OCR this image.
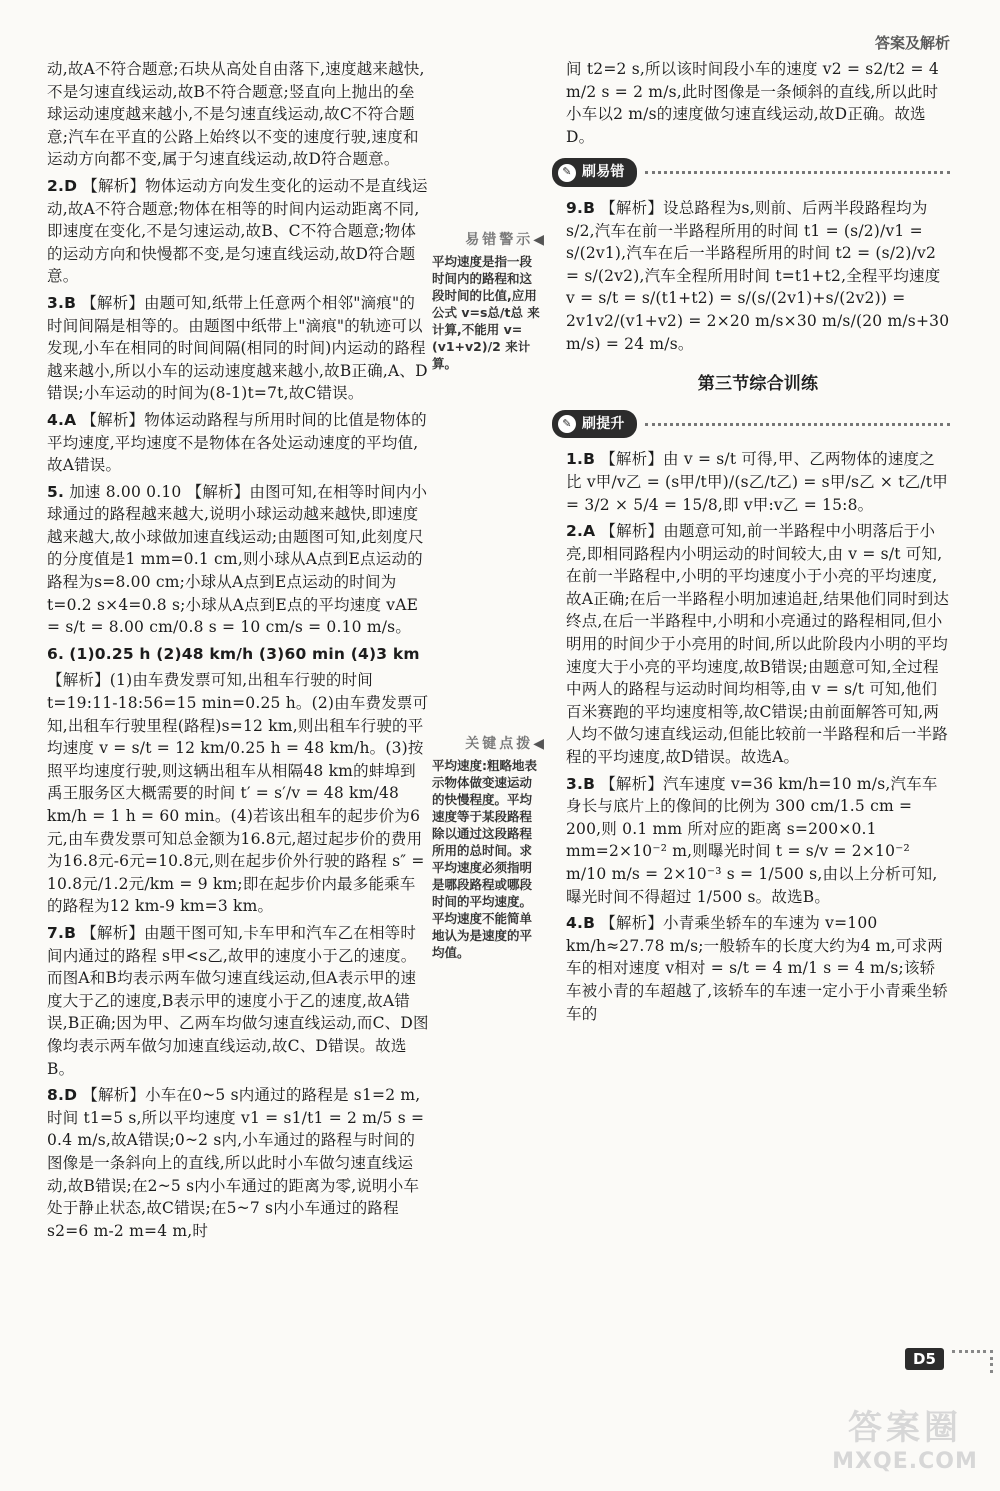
答案及解析
动,故A不符合题意;石块从高处自由落下,速度越来越快,不是匀速直线运动,故B不符合题意;竖直向上抛出的垒球运动速度越来越小,不是匀速直线运动,故C不符合题意;汽车在平直的公路上始终以不变的速度行驶,速度和运动方向都不变,属于匀速直线运动,故D符合题意。
2.D 【解析】物体运动方向发生变化的运动不是直线运动,故A不符合题意;物体在相等的时间内运动距离不同,即速度在变化,不是匀速运动,故B、C不符合题意;物体的运动方向和快慢都不变,是匀速直线运动,故D符合题意。
3.B 【解析】由题可知,纸带上任意两个相邻"滴痕"的时间间隔是相等的。由题图中纸带上"滴痕"的轨迹可以发现,小车在相同的时间间隔(相同的时间)内运动的路程越来越小,所以小车的运动速度越来越小,故B正确,A、D错误;小车运动的时间为(8-1)t=7t,故C错误。
4.A 【解析】物体运动路程与所用时间的比值是物体的平均速度,平均速度不是物体在各处运动速度的平均值,故A错误。
5. 加速 8.00 0.10 【解析】由图可知,在相等时间内小球通过的路程越来越大,说明小球运动越来越快,即速度越来越大,故小球做加速直线运动;由题图可知,此刻度尺的分度值是1 mm=0.1 cm,则小球从A点到E点运动的路程为s=8.00 cm;小球从A点到E点运动的时间为t=0.2 s×4=0.8 s;小球从A点到E点的平均速度 vAE = s/t = 8.00 cm/0.8 s = 10 cm/s = 0.10 m/s。
6. (1)0.25 h (2)48 km/h (3)60 min (4)3 km
【解析】(1)由车费发票可知,出租车行驶的时间t=19:11-18:56=15 min=0.25 h。(2)由车费发票可知,出租车行驶里程(路程)s=12 km,则出租车行驶的平均速度 v = s/t = 12 km/0.25 h = 48 km/h。(3)按照平均速度行驶,则这辆出租车从相隔48 km的蚌埠到禹王服务区大概需要的时间 t′ = s′/v = 48 km/48 km/h = 1 h = 60 min。(4)若该出租车的起步价为6元,由车费发票可知总金额为16.8元,超过起步价的费用为16.8元-6元=10.8元,则在起步价外行驶的路程 s″ = 10.8元/1.2元/km = 9 km;即在起步价内最多能乘车的路程为12 km-9 km=3 km。
7.B 【解析】由题干图可知,卡车甲和汽车乙在相等时间内通过的路程 s甲<s乙,故甲的速度小于乙的速度。而图A和B均表示两车做匀速直线运动,但A表示甲的速度大于乙的速度,B表示甲的速度小于乙的速度,故A错误,B正确;因为甲、乙两车均做匀速直线运动,而C、D图像均表示两车做匀加速直线运动,故C、D错误。故选B。
8.D 【解析】小车在0~5 s内通过的路程是 s1=2 m,时间 t1=5 s,所以平均速度 v1 = s1/t1 = 2 m/5 s = 0.4 m/s,故A错误;0~2 s内,小车通过的路程与时间的图像是一条斜向上的直线,所以此时小车做匀速直线运动,故B错误;在2~5 s内小车通过的距离为零,说明小车处于静止状态,故C错误;在5~7 s内小车通过的路程 s2=6 m-2 m=4 m,时
易错警示◀
平均速度是指一段时间内的路程和这段时间的比值,应用公式 v=s总/t总 来计算,不能用 v=(v1+v2)/2 来计算。
关键点拨◀
平均速度:粗略地表示物体做变速运动的快慢程度。平均速度等于某段路程除以通过这段路程所用的总时间。求平均速度必须指明是哪段路程或哪段时间的平均速度。平均速度不能简单地认为是速度的平均值。
间 t2=2 s,所以该时间段小车的速度 v2 = s2/t2 = 4 m/2 s = 2 m/s,此时图像是一条倾斜的直线,所以此时小车以2 m/s的速度做匀速直线运动,故D正确。故选D。
✎ 刷易错
9.B 【解析】设总路程为s,则前、后两半段路程均为 s/2,汽车在前一半路程所用的时间 t1 = (s/2)/v1 = s/(2v1),汽车在后一半路程所用的时间 t2 = (s/2)/v2 = s/(2v2),汽车全程所用时间 t=t1+t2,全程平均速度 v = s/t = s/(t1+t2) = s/(s/(2v1)+s/(2v2)) = 2v1v2/(v1+v2) = 2×20 m/s×30 m/s/(20 m/s+30 m/s) = 24 m/s。
第三节综合训练
✎ 刷提升
1.B 【解析】由 v = s/t 可得,甲、乙两物体的速度之比 v甲/v乙 = (s甲/t甲)/(s乙/t乙) = s甲/s乙 × t乙/t甲 = 3/2 × 5/4 = 15/8,即 v甲:v乙 = 15:8。
2.A 【解析】由题意可知,前一半路程中小明落后于小亮,即相同路程内小明运动的时间较大,由 v = s/t 可知,在前一半路程中,小明的平均速度小于小亮的平均速度,故A正确;在后一半路程小明加速追赶,结果他们同时到达终点,在后一半路程中,小明和小亮通过的路程相同,但小明用的时间少于小亮用的时间,所以此阶段内小明的平均速度大于小亮的平均速度,故B错误;由题意可知,全过程中两人的路程与运动时间均相等,由 v = s/t 可知,他们百米赛跑的平均速度相等,故C错误;由前面解答可知,两人均不做匀速直线运动,但能比较前一半路程和后一半路程的平均速度,故D错误。故选A。
3.B 【解析】汽车速度 v=36 km/h=10 m/s,汽车车身长与底片上的像间的比例为 300 cm/1.5 cm = 200,则 0.1 mm 所对应的距离 s=200×0.1 mm=2×10⁻² m,则曝光时间 t = s/v = 2×10⁻² m/10 m/s = 2×10⁻³ s = 1/500 s,由以上分析可知,曝光时间不得超过 1/500 s。故选B。
4.B 【解析】小青乘坐轿车的车速为 v=100 km/h≈27.78 m/s;一般轿车的长度大约为4 m,可求两车的相对速度 v相对 = s/t = 4 m/1 s = 4 m/s;该轿车被小青的车超越了,该轿车的车速一定小于小青乘坐轿车的
D5
答案圈
MXQE.COM
